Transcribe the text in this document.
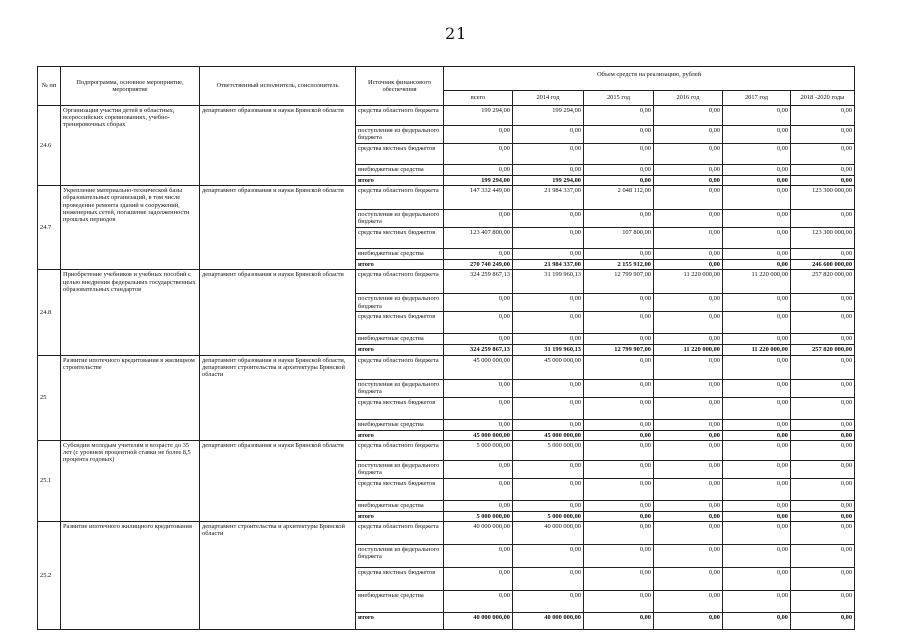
21
№ пп	Подпрограмма, основное мероприятие, мероприятие	Ответственный исполнитель, соисполнитель	Источник финансового обеспечения	Объем средств на реализацию, рублей					
				всего	2014 год	2015 год	2016 год	2017 год	2018 -2020 годы
24.6	Организация участия детей в областных, всероссийских соревнованиях, учебно-тренировочных сборах	департамент образования и науки Брянской области	средства областного бюджета	199 294,00	199 294,00	0,00	0,00	0,00	0,00
			поступления из федерального бюджета	0,00	0,00	0,00	0,00	0,00	0,00
			средства местных бюджетов	0,00	0,00	0,00	0,00	0,00	0,00
			внебюджетные средства	0,00	0,00	0,00	0,00	0,00	0,00
			итого	199 294,00	199 294,00	0,00	0,00	0,00	0,00
24.7	Укрепление материально-технической базы образовательных организаций, в том числе проведение ремонта зданий и сооружений, инженерных сетей, погашение задолженности прошлых периодов	департамент образования и науки Брянской области	средства областного бюджета	147 332 449,00	21 984 337,00	2 048 112,00	0,00	0,00	123 300 000,00
			поступления из федерального бюджета	0,00	0,00	0,00	0,00	0,00	0,00
			средства местных бюджетов	123 407 800,00	0,00	107 800,00	0,00	0,00	123 300 000,00
			внебюджетные средства	0,00	0,00	0,00	0,00	0,00	0,00
			итого	270 740 249,00	21 984 337,00	2 155 912,00	0,00	0,00	246 600 000,00
24.8	Приобретение учебников и учебных пособий с целью внедрения федеральных государственных образовательных стандартов	департамент образования и науки Брянской области	средства областного бюджета	324 259 867,13	31 199 960,13	12 799 907,00	11 220 000,00	11 220 000,00	257 820 000,00
			поступления из федерального бюджета	0,00	0,00	0,00	0,00	0,00	0,00
			средства местных бюджетов	0,00	0,00	0,00	0,00	0,00	0,00
			внебюджетные средства	0,00	0,00	0,00	0,00	0,00	0,00
			итого	324 259 867,13	31 199 960,13	12 799 907,00	11 220 000,00	11 220 000,00	257 820 000,00
25	Развитие ипотечного кредитования в жилищном строительстве	департамент образования и науки Брянской области, департамент строительства и архитектуры Брянской области	средства областного бюджета	45 000 000,00	45 000 000,00	0,00	0,00	0,00	0,00
			поступления из федерального бюджета	0,00	0,00	0,00	0,00	0,00	0,00
			средства местных бюджетов	0,00	0,00	0,00	0,00	0,00	0,00
			внебюджетные средства	0,00	0,00	0,00	0,00	0,00	0,00
			итого	45 000 000,00	45 000 000,00	0,00	0,00	0,00	0,00
25.1	Субсидии молодым учителям в возрасте до 35 лет (с уровнем процентной ставки не более 8,5 процента годовых)	департамент образования и науки Брянской области	средства областного бюджета	5 000 000,00	5 000 000,00	0,00	0,00	0,00	0,00
			поступления из федерального бюджета	0,00	0,00	0,00	0,00	0,00	0,00
			средства местных бюджетов	0,00	0,00	0,00	0,00	0,00	0,00
			внебюджетные средства	0,00	0,00	0,00	0,00	0,00	0,00
			итого	5 000 000,00	5 000 000,00	0,00	0,00	0,00	0,00
25.2	Развитие ипотечного жилищного кредитования	департамент строительства и архитектуры Брянской области	средства областного бюджета	40 000 000,00	40 000 000,00	0,00	0,00	0,00	0,00
			поступления из федерального бюджета	0,00	0,00	0,00	0,00	0,00	0,00
			средства местных бюджетов	0,00	0,00	0,00	0,00	0,00	0,00
			внебюджетные средства	0,00	0,00	0,00	0,00	0,00	0,00
			итого	40 000 000,00	40 000 000,00	0,00	0,00	0,00	0,00
